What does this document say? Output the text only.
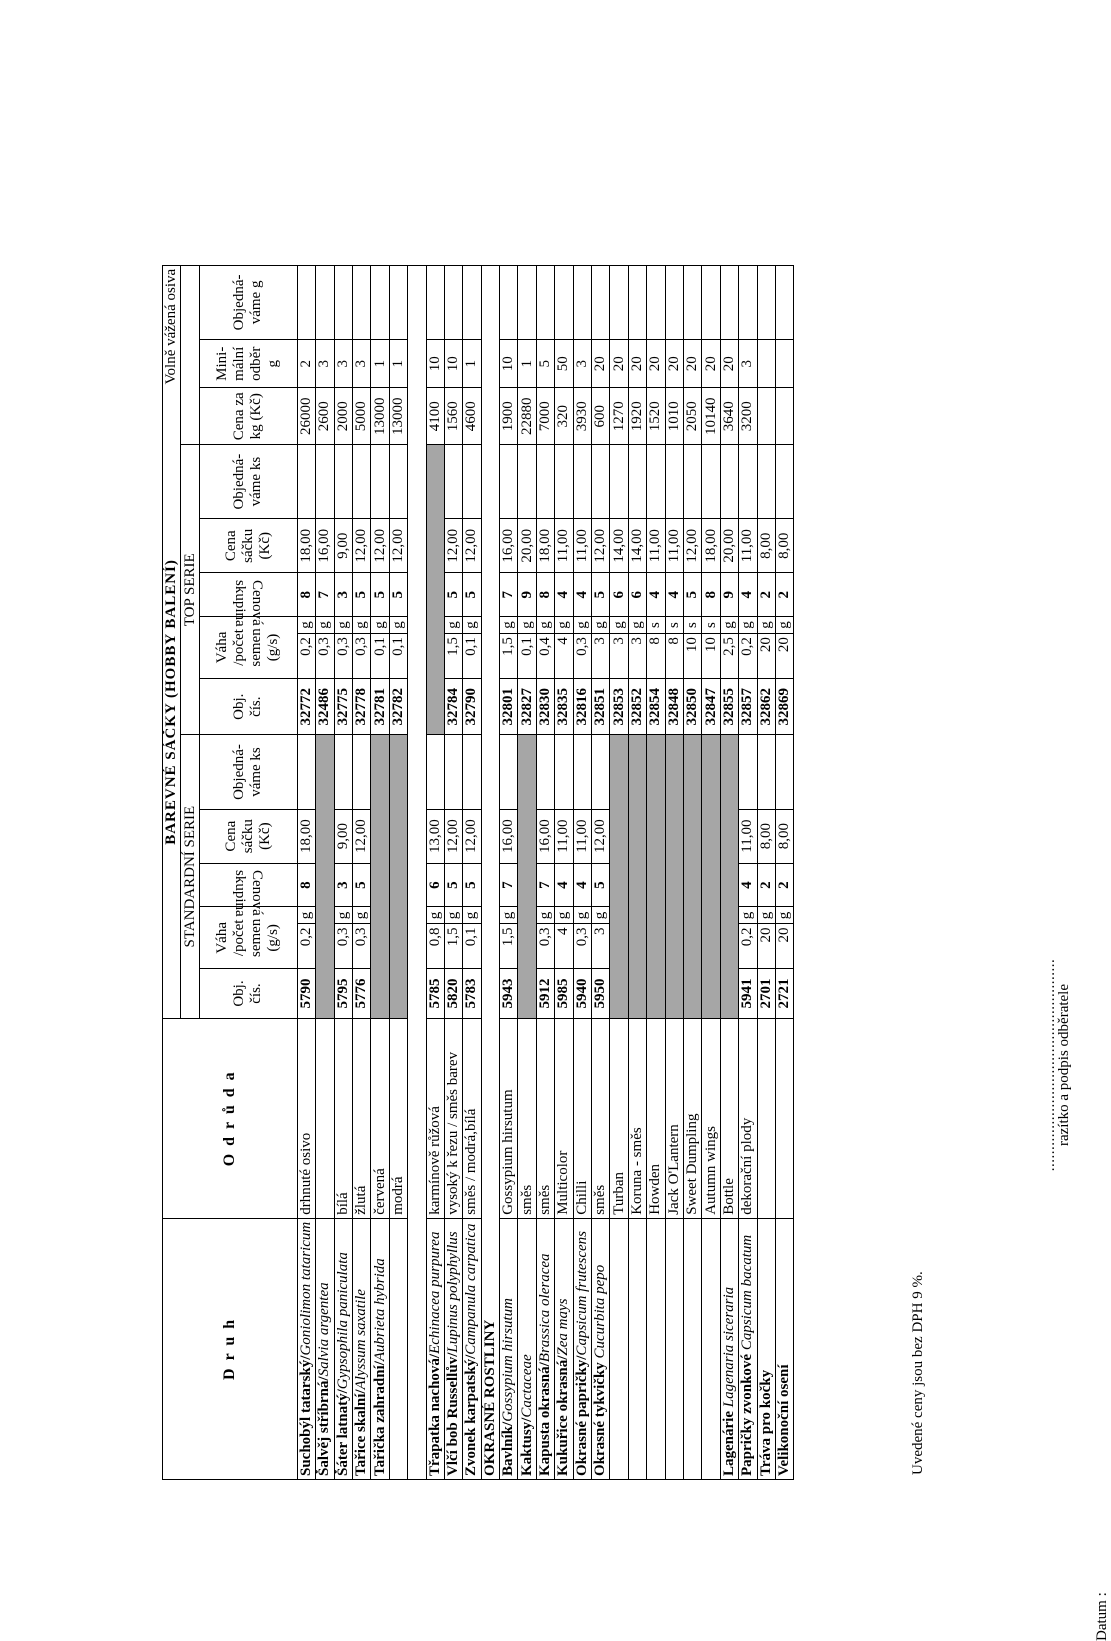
D r u h	O d r ů d a	BAREVNÉ SÁČKY (HOBBY BALENÍ) Volně vážená osiva														
		STANDARDNÍ SERIE						TOP SERIE								
		Obj. čís.	Váha /počet semen (g/s)		Cenová skupina	Cena sáčku (Kč)	Objedná-váme ks	Obj. čís.	Váha /počet semen (g/s)		Cenová skupina	Cena sáčku (Kč)	Objedná-váme ks	Cena za kg (Kč)	Mini-mální odběr g	Objedná-váme g
Suchobýl tatarský/Goniolimon tataricum	drhnuté osivo	5790	0,2	g	8	18,00		32772	0,2	g	8	18,00		26000	2	
Šalvěj stříbrná/Salvia argentea								32486	0,3	g	7	16,00		2600	3	
Šáter latnatý/Gypsophila paniculata	bílá	5795	0,3	g	3	9,00		32775	0,3	g	3	9,00		2000	3	
Tařice skalní/Alyssum saxatile	žlutá	5776	0,3	g	5	12,00		32778	0,3	g	5	12,00		5000	3	
Tařička zahradní/Aubrieta hybrida	červená							32781	0,1	g	5	12,00		13000	1	
	modrá							32782	0,1	g	5	12,00		13000	1	

Třapatka nachová/Echinacea purpurea	karmínově růžová	5785	0,8	g	6	13,00								4100	10	
Vlčí bob Russellův/Lupinus polyphyllus	vysoký k řezu / směs barev	5820	1,5	g	5	12,00		32784	1,5	g	5	12,00		1560	10	
Zvonek karpatský/Campanula carpatica	směs / modrá,bílá	5783	0,1	g	5	12,00		32790	0,1	g	5	12,00		4600	1	
OKRASNÉ ROSTLINY																
Bavlník/Gossypium hirsutum	Gossypium hirsutum	5943	1,5	g	7	16,00		32801	1,5	g	7	16,00		1900	10	
Kaktusy/Cactaceae	směs							32827	0,1	g	9	20,00		22880	1	
Kapusta okrasná/Brassica oleracea	směs	5912	0,3	g	7	16,00		32830	0,4	g	8	18,00		7000	5	
Kukuřice okrasná/Zea mays	Multicolor	5985	4	g	4	11,00		32835	4	g	4	11,00		320	50	
Okrasné papričky/Capsicum frutescens	Chilli	5940	0,3	g	4	11,00		32816	0,3	g	4	11,00		3930	3	
Okrasné tykvičky Cucurbita pepo	směs	5950	3	g	5	12,00		32851	3	g	5	12,00		600	20	
	Turban							32853	3	g	6	14,00		1270	20	
	Koruna - směs							32852	3	g	6	14,00		1920	20	
	Howden							32854	8	s	4	11,00		1520	20	
	Jack O'Lantern							32848	8	s	4	11,00		1010	20	
	Sweet Dumpling							32850	10	s	5	12,00		2050	20	
	Autumn wings							32847	10	s	8	18,00		10140	20	
Lagenárie Lagenaria siceraria	Bottle							32855	2,5	g	9	20,00		3640	20	
Papričky zvonkové Capsicum bacatum	dekorační plody	5941	0,2	g	4	11,00		32857	0,2	g	4	11,00		3200	3	
Tráva pro kočky		2701	20	g	2	8,00		32862	20	g	2	8,00				
Velikonoční osení		2721	20	g	2	8,00		32869	20	g	2	8,00				
Uvedené ceny jsou bez DPH 9 %.
Datum :
..................................................
razítko a podpis odběratele
